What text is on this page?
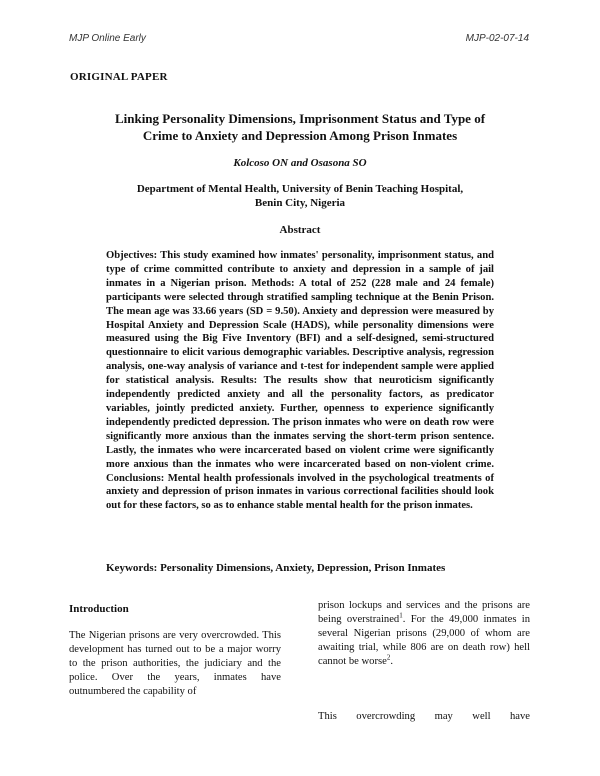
MJP Online Early	MJP-02-07-14
ORIGINAL PAPER
Linking Personality Dimensions, Imprisonment Status and Type of Crime to Anxiety and Depression Among Prison Inmates
Kolcoso ON and Osasona SO
Department of Mental Health, University of Benin Teaching Hospital,
Benin City, Nigeria
Abstract

Objectives: This study examined how inmates' personality, imprisonment status, and type of crime committed contribute to anxiety and depression in a sample of jail inmates in a Nigerian prison. Methods: A total of 252 (228 male and 24 female) participants were selected through stratified sampling technique at the Benin Prison. The mean age was 33.66 years (SD = 9.50). Anxiety and depression were measured by Hospital Anxiety and Depression Scale (HADS), while personality dimensions were measured using the Big Five Inventory (BFI) and a self-designed, semi-structured questionnaire to elicit various demographic variables. Descriptive analysis, regression analysis, one-way analysis of variance and t-test for independent sample were applied for statistical analysis. Results: The results show that neuroticism significantly independently predicted anxiety and all the personality factors, as predicator variables, jointly predicted anxiety. Further, openness to experience significantly independently predicted depression. The prison inmates who were on death row were significantly more anxious than the inmates serving the short-term prison sentence. Lastly, the inmates who were incarcerated based on violent crime were significantly more anxious than the inmates who were incarcerated based on non-violent crime. Conclusions: Mental health professionals involved in the psychological treatments of anxiety and depression of prison inmates in various correctional facilities should look out for these factors, so as to enhance stable mental health for the prison inmates.

Keywords: Personality Dimensions, Anxiety, Depression, Prison Inmates
Introduction

The Nigerian prisons are very overcrowded. This development has turned out to be a major worry to the prison authorities, the judiciary and the police. Over the years, inmates have outnumbered the capability of

prison lockups and services and the prisons are being overstrained$^1$. For the 49,000 inmates in several Nigerian prisons (29,000 of whom are awaiting trial, while 806 are on death row) hell cannot be worse$^2$.

This overcrowding may well have
